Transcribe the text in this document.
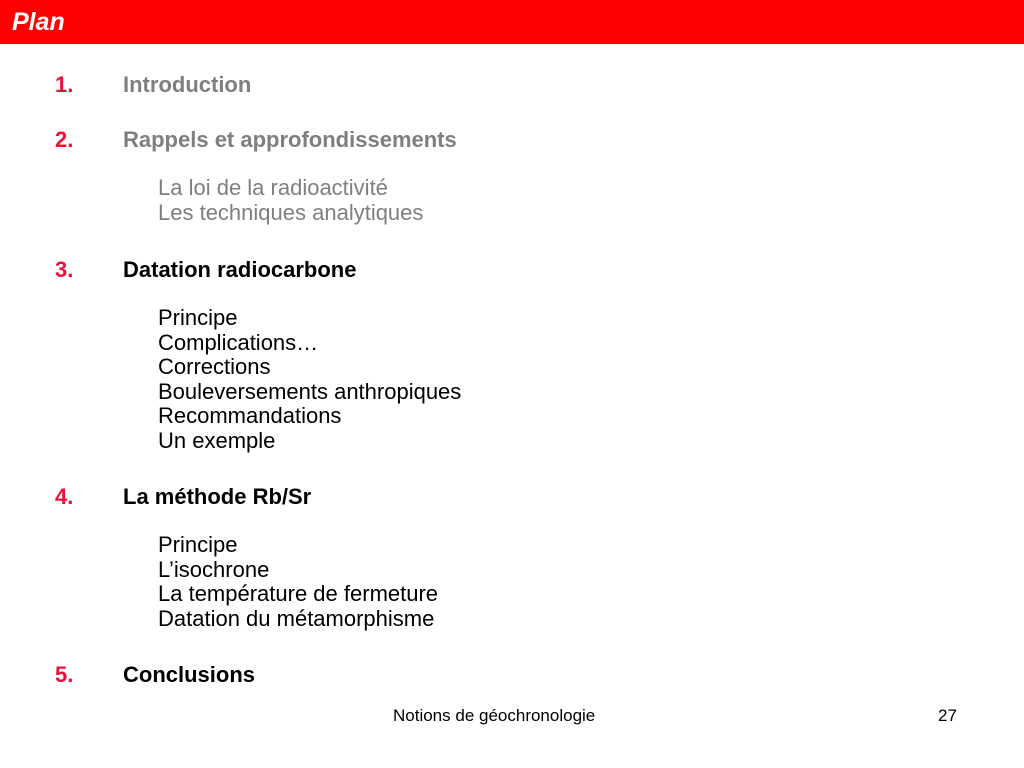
Plan
1. Introduction
2. Rappels et approfondissements
La loi de la radioactivité
Les techniques analytiques
3. Datation radiocarbone
Principe
Complications…
Corrections
Bouleversements anthropiques
Recommandations
Un exemple
4. La méthode Rb/Sr
Principe
L’isochrone
La température de fermeture
Datation du métamorphisme
5. Conclusions
Notions de géochronologie	27
